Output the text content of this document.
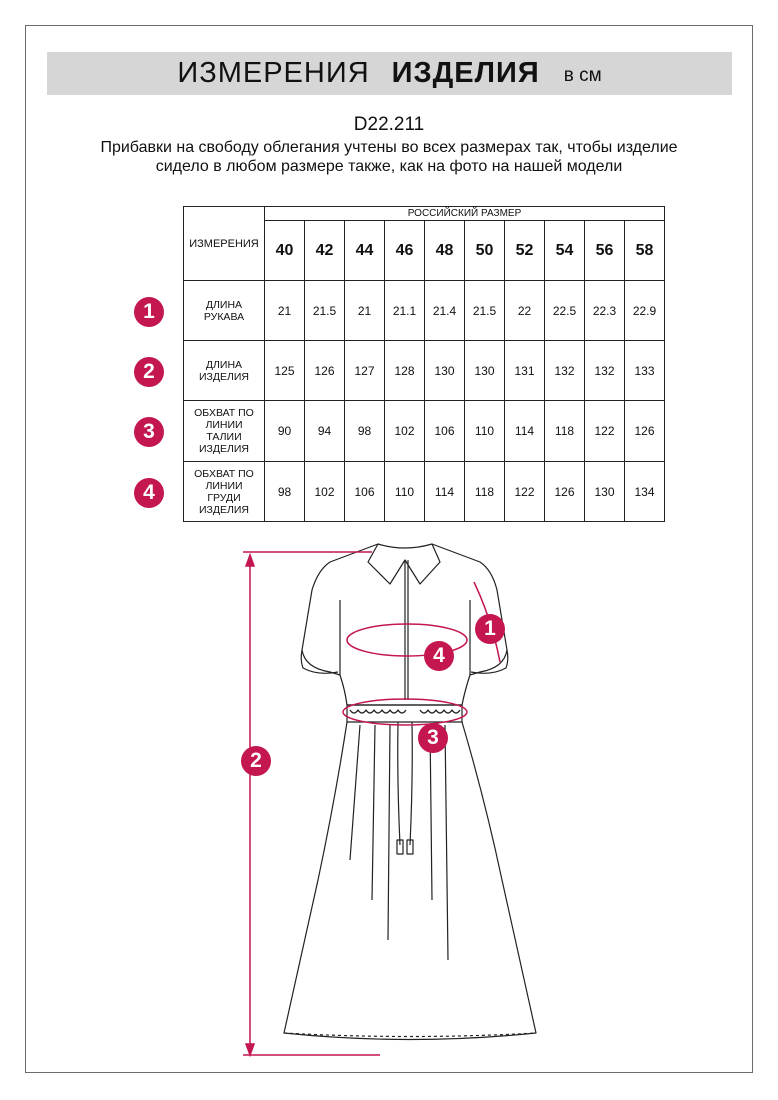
ИЗМЕРЕНИЯ ИЗДЕЛИЯ в см
D22.211
Прибавки на свободу облегания учтены во всех размерах так, чтобы изделие сидело в любом размере также, как на фото на нашей модели
ИЗМЕРЕНИЯ	РОССИЙСКИЙ РАЗМЕР									
	40	42	44	46	48	50	52	54	56	58

ДЛИНА
РУКАВА	21	21.5	21	21.1	21.4	21.5	22	22.5	22.3	22.9

ДЛИНА
ИЗДЕЛИЯ	125	126	127	128	130	130	131	132	132	133

ОБХВАТ ПО
ЛИНИИ
ТАЛИИ
ИЗДЕЛИЯ	90	94	98	102	106	110	114	118	122	126

ОБХВАТ ПО
ЛИНИИ
ГРУДИ
ИЗДЕЛИЯ	98	102	106	110	114	118	122	126	130	134
1
2
3
4
1
4
3
2
